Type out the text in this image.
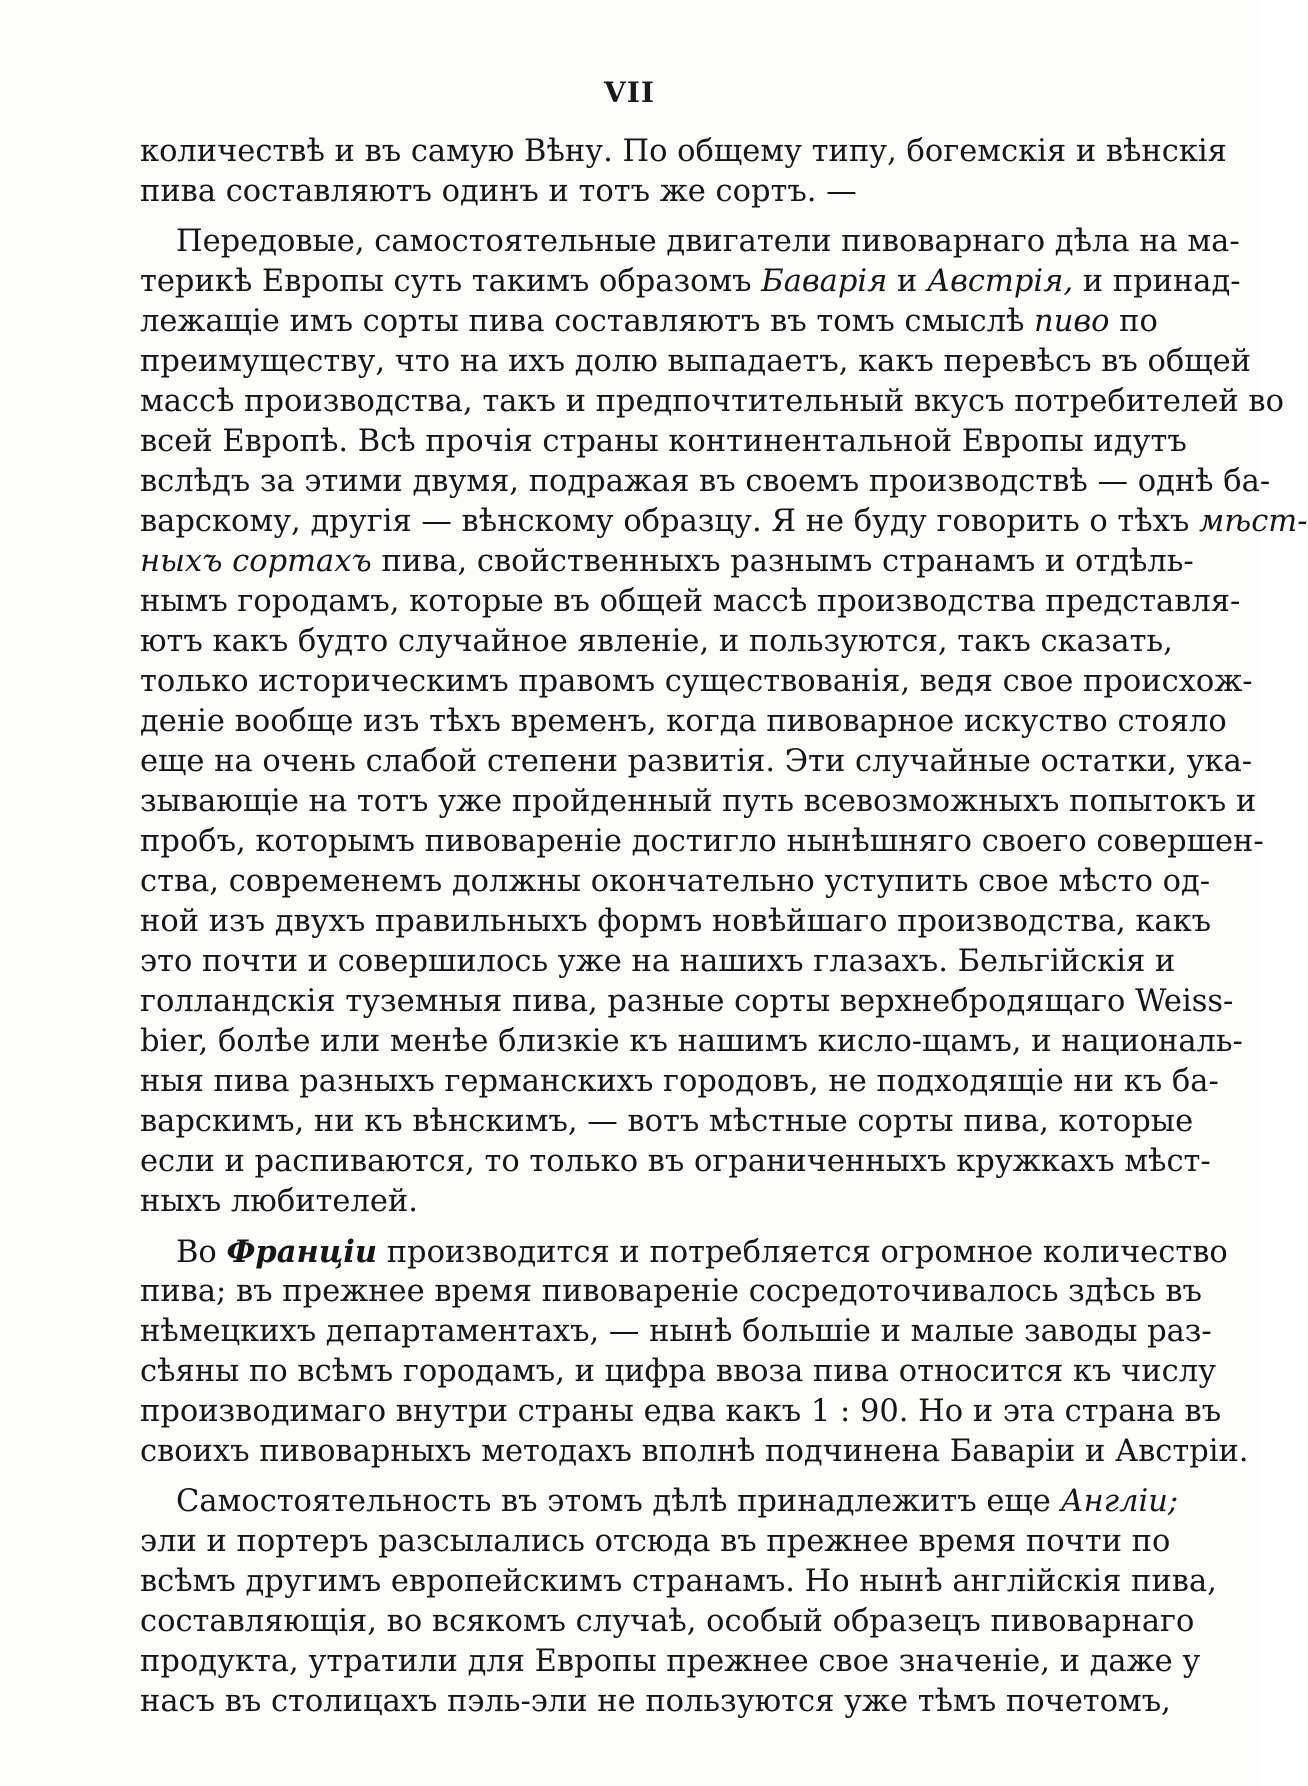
VII
количествѣ и въ самую Вѣну. По общему типу, богемскія и вѣнскія
пива составляютъ одинъ и тотъ же сортъ. —
Передовые, самостоятельные двигатели пивоварнаго дѣла на ма-
терикѣ Европы суть такимъ образомъ Баварія и Австрія, и принад-
лежащіе имъ сорты пива составляютъ въ томъ смыслѣ пиво по
преимуществу, что на ихъ долю выпадаетъ, какъ перевѣсъ въ общей
массѣ производства, такъ и предпочтительный вкусъ потребителей во
всей Европѣ. Всѣ прочія страны континентальной Европы идутъ
вслѣдъ за этими двумя, подражая въ своемъ производствѣ — однѣ ба-
варскому, другія — вѣнскому образцу. Я не буду говорить о тѣхъ мѣст-
ныхъ сортахъ пива, свойственныхъ разнымъ странамъ и отдѣль-
нымъ городамъ, которые въ общей массѣ производства представля-
ютъ какъ будто случайное явленіе, и пользуются, такъ сказать,
только историческимъ правомъ существованія, ведя свое происхож-
деніе вообще изъ тѣхъ временъ, когда пивоварное искуство стояло
еще на очень слабой степени развитія. Эти случайные остатки, ука-
зывающіе на тотъ уже пройденный путь всевозможныхъ попытокъ и
пробъ, которымъ пивовареніе достигло нынѣшняго своего совершен-
ства, современемъ должны окончательно уступить свое мѣсто од-
ной изъ двухъ правильныхъ формъ новѣйшаго производства, какъ
это почти и совершилось уже на нашихъ глазахъ. Бельгійскія и
голландскія туземныя пива, разные сорты верхнебродящаго Weiss-
bier, болѣе или менѣе близкіе къ нашимъ кисло-щамъ, и националь-
ныя пива разныхъ германскихъ городовъ, не подходящіе ни къ ба-
варскимъ, ни къ вѣнскимъ, — вотъ мѣстные сорты пива, которые
если и распиваются, то только въ ограниченныхъ кружкахъ мѣст-
ныхъ любителей.
Во Франціи производится и потребляется огромное количество
пива; въ прежнее время пивовареніе сосредоточивалось здѣсь въ
нѣмецкихъ департаментахъ, — нынѣ большіе и малые заводы раз-
сѣяны по всѣмъ городамъ, и цифра ввоза пива относится къ числу
производимаго внутри страны едва какъ 1 : 90. Но и эта страна въ
своихъ пивоварныхъ методахъ вполнѣ подчинена Баваріи и Австріи.
Самостоятельность въ этомъ дѣлѣ принадлежитъ еще Англіи;
эли и портеръ разсылались отсюда въ прежнее время почти по
всѣмъ другимъ европейскимъ странамъ. Но нынѣ англійскія пива,
составляющія, во всякомъ случаѣ, особый образецъ пивоварнаго
продукта, утратили для Европы прежнее свое значеніе, и даже у
насъ въ столицахъ пэль-эли не пользуются уже тѣмъ почетомъ,
